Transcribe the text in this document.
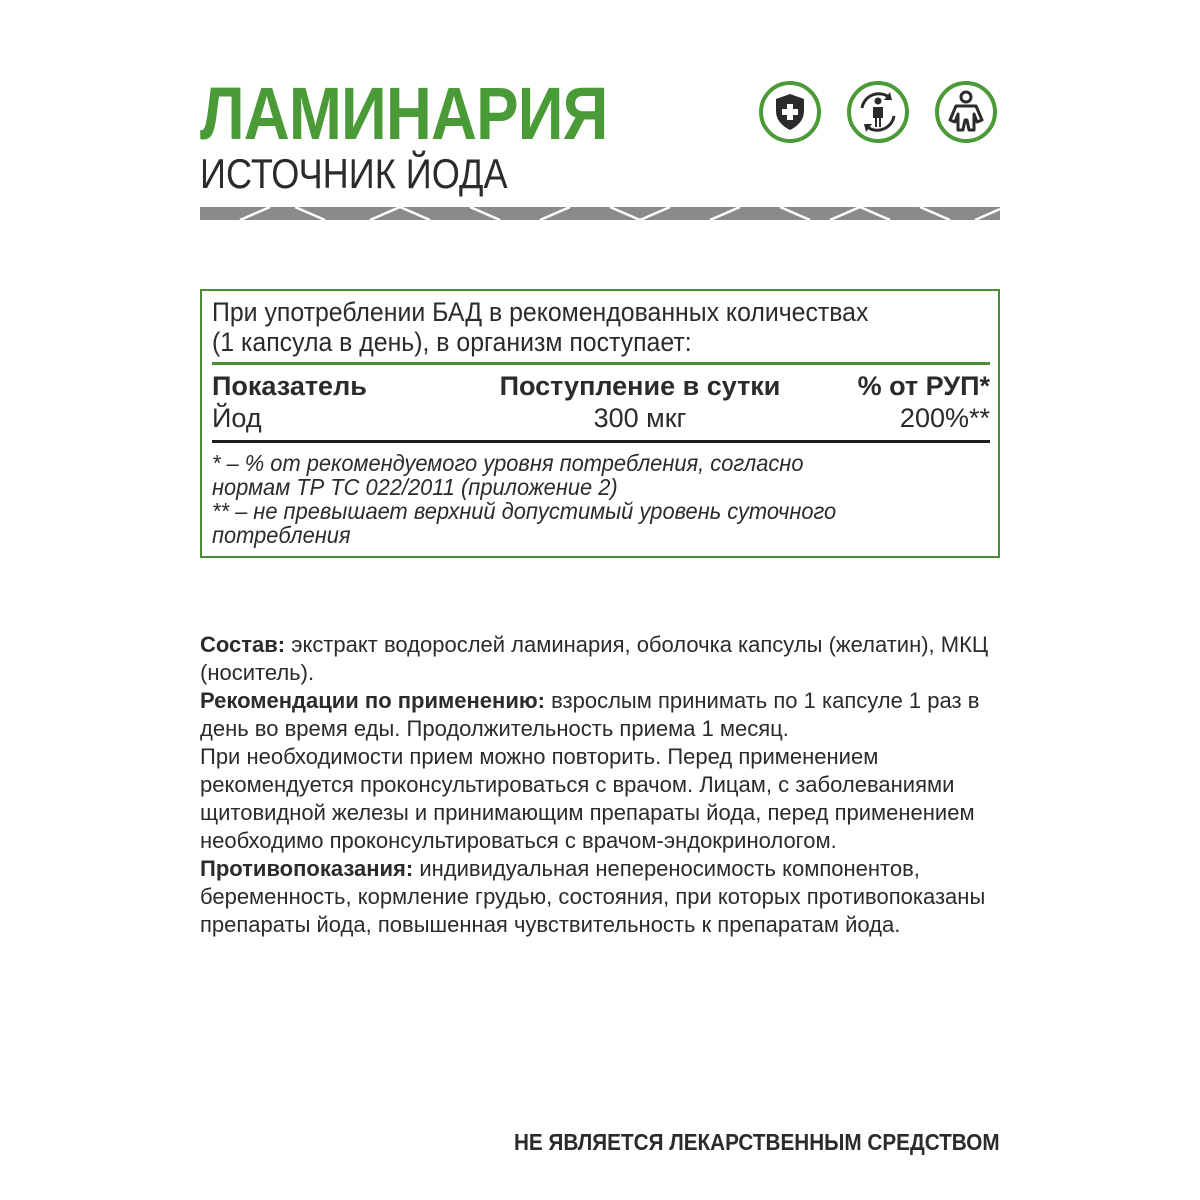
ЛАМИНАРИЯ
ИСТОЧНИК ЙОДА
При употреблении БАД в рекомендованных количествах
(1 капсула в день), в организм поступает:
Показатель	Поступление в сутки	% от РУП*
Йод	300 мкг	200%**
* – % от рекомендуемого уровня потребления, согласно
нормам ТР ТС 022/2011 (приложение 2)
** – не превышает верхний допустимый уровень суточного
потребления

Состав: экстракт водорослей ламинария, оболочка капсулы (желатин), МКЦ (носитель).

Рекомендации по применению: взрослым принимать по 1 капсуле 1 раз в день во время еды. Продолжительность приема 1 месяц.

При необходимости прием можно повторить. Перед применением рекомендуется проконсультироваться с врачом. Лицам, с заболеваниями щитовидной железы и принимающим препараты йода, перед применением необходимо проконсультироваться с врачом-эндокринологом.

Противопоказания: индивидуальная непереносимость компонентов, беременность, кормление грудью, состояния, при которых противопоказаны препараты йода, повышенная чувствительность к препаратам йода.

НЕ ЯВЛЯЕТСЯ ЛЕКАРСТВЕННЫМ СРЕДСТВОМ
